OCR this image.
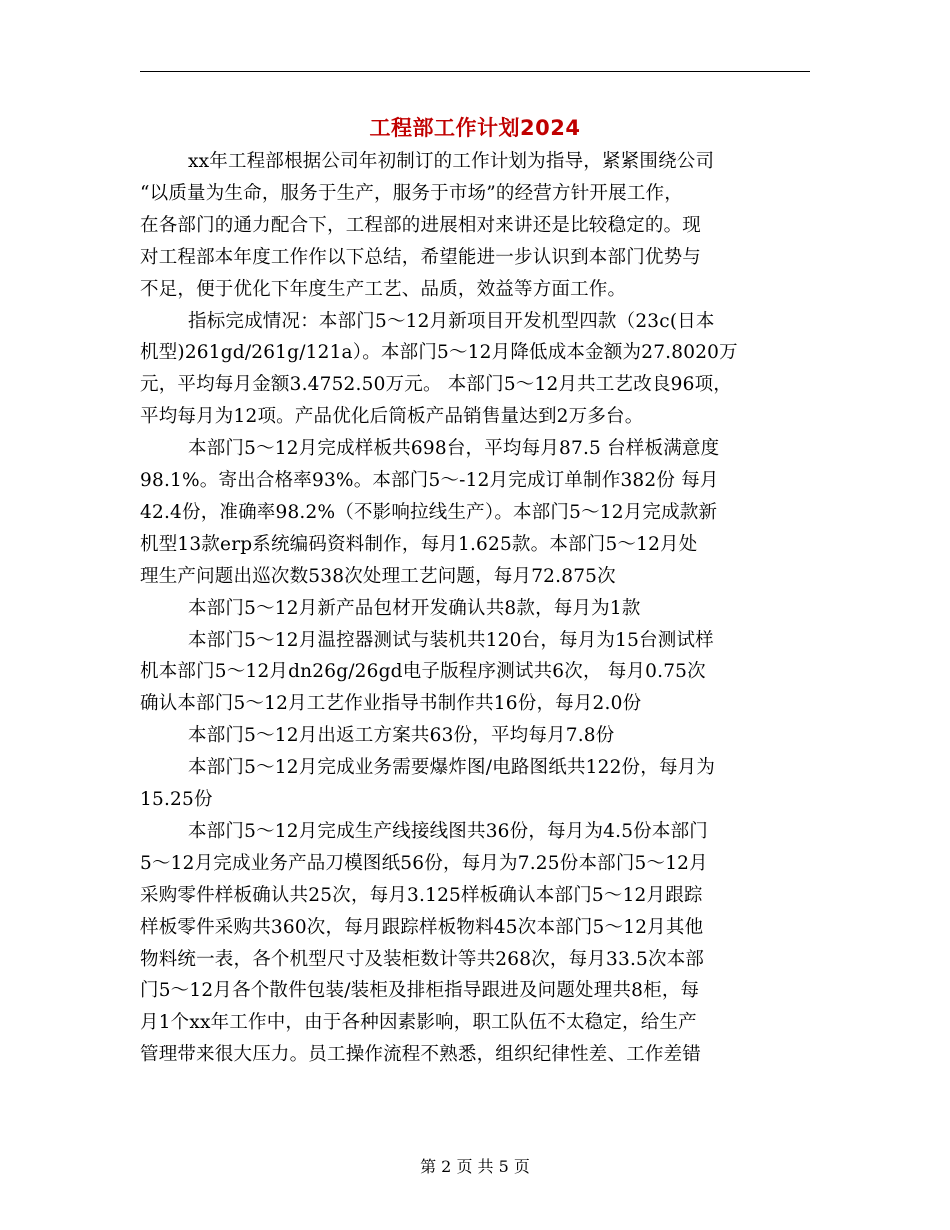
工程部工作计划2024
xx年工程部根据公司年初制订的工作计划为指导，紧紧围绕公司
“以质量为生命，服务于生产，服务于市场”的经营方针开展工作，
在各部门的通力配合下，工程部的进展相对来讲还是比较稳定的。现
对工程部本年度工作作以下总结，希望能进一步认识到本部门优势与
不足，便于优化下年度生产工艺、品质，效益等方面工作。
指标完成情况：本部门5～12月新项目开发机型四款（23c(日本
机型)261gd/261g/121a）。本部门5～12月降低成本金额为27.8020万
元，平均每月金额3.4752.50万元。 本部门5～12月共工艺改良96项，
平均每月为12项。产品优化后筒板产品销售量达到2万多台。
本部门5～12月完成样板共698台，平均每月87.5 台样板满意度
98.1%。寄出合格率93%。本部门5～-12月完成订单制作382份 每月
42.4份，准确率98.2%（不影响拉线生产）。本部门5～12月完成款新
机型13款erp系统编码资料制作，每月1.625款。本部门5～12月处
理生产问题出巡次数538次处理工艺问题，每月72.875次
本部门5～12月新产品包材开发确认共8款，每月为1款
本部门5～12月温控器测试与装机共120台，每月为15台测试样
机本部门5～12月dn26g/26gd电子版程序测试共6次， 每月0.75次
确认本部门5～12月工艺作业指导书制作共16份，每月2.0份
本部门5～12月出返工方案共63份，平均每月7.8份
本部门5～12月完成业务需要爆炸图/电路图纸共122份，每月为
15.25份
本部门5～12月完成生产线接线图共36份，每月为4.5份本部门
5～12月完成业务产品刀模图纸56份，每月为7.25份本部门5～12月
采购零件样板确认共25次，每月3.125样板确认本部门5～12月跟踪
样板零件采购共360次，每月跟踪样板物料45次本部门5～12月其他
物料统一表，各个机型尺寸及装柜数计等共268次，每月33.5次本部
门5～12月各个散件包装/装柜及排柜指导跟进及问题处理共8柜，每
月1个xx年工作中，由于各种因素影响，职工队伍不太稳定，给生产
管理带来很大压力。员工操作流程不熟悉，组织纪律性差、工作差错
第 2 页 共 5 页
